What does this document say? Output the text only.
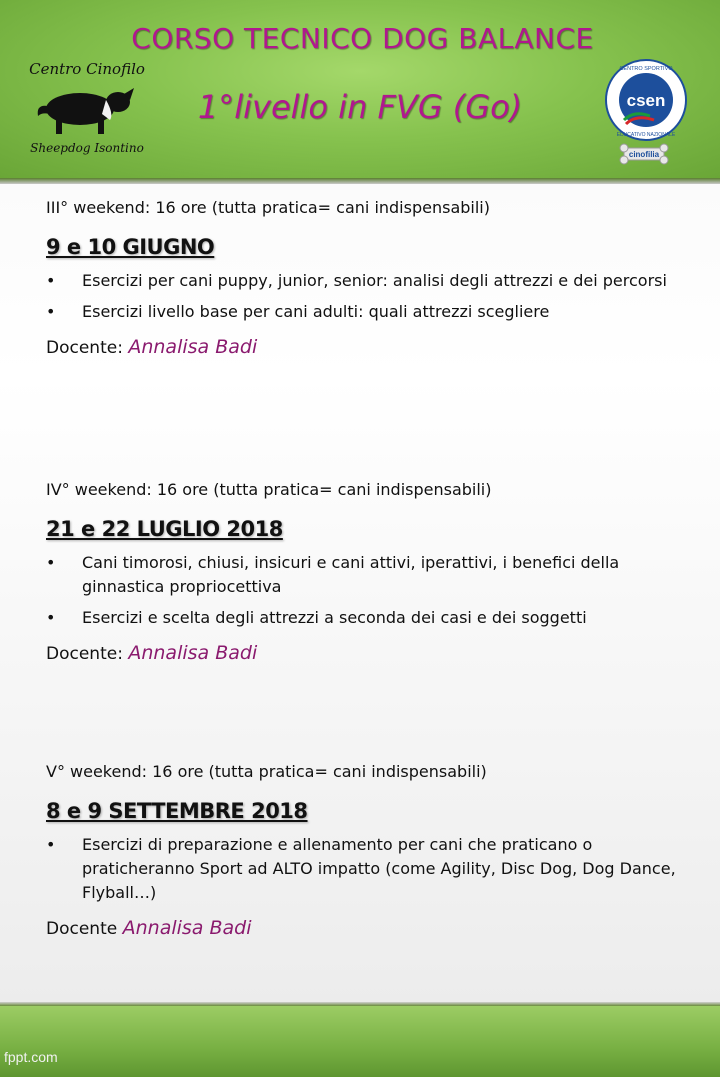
CORSO TECNICO DOG BALANCE
1°livello in FVG (Go)
Centro Cinofilo
Sheepdog Isontino
csen
CENTRO SPORTIVO
EDUCATIVO NAZIONALE
cinofilia
III° weekend: 16 ore (tutta pratica= cani indispensabili)
9 e 10 GIUGNO
• Esercizi per cani puppy, junior, senior: analisi degli attrezzi e dei percorsi
• Esercizi livello base per cani adulti: quali attrezzi scegliere
Docente: Annalisa Badi
IV° weekend: 16 ore (tutta pratica= cani indispensabili)
21 e 22 LUGLIO 2018
• Cani timorosi, chiusi, insicuri e cani attivi, iperattivi, i benefici della ginnastica propriocettiva
• Esercizi e scelta degli attrezzi a seconda dei casi e dei soggetti
Docente: Annalisa Badi
V° weekend: 16 ore (tutta pratica= cani indispensabili)
8 e 9 SETTEMBRE 2018
• Esercizi di preparazione e allenamento per cani che praticano o praticheranno Sport ad ALTO impatto (come Agility, Disc Dog, Dog Dance, Flyball…)
Docente Annalisa Badi
fppt.com
